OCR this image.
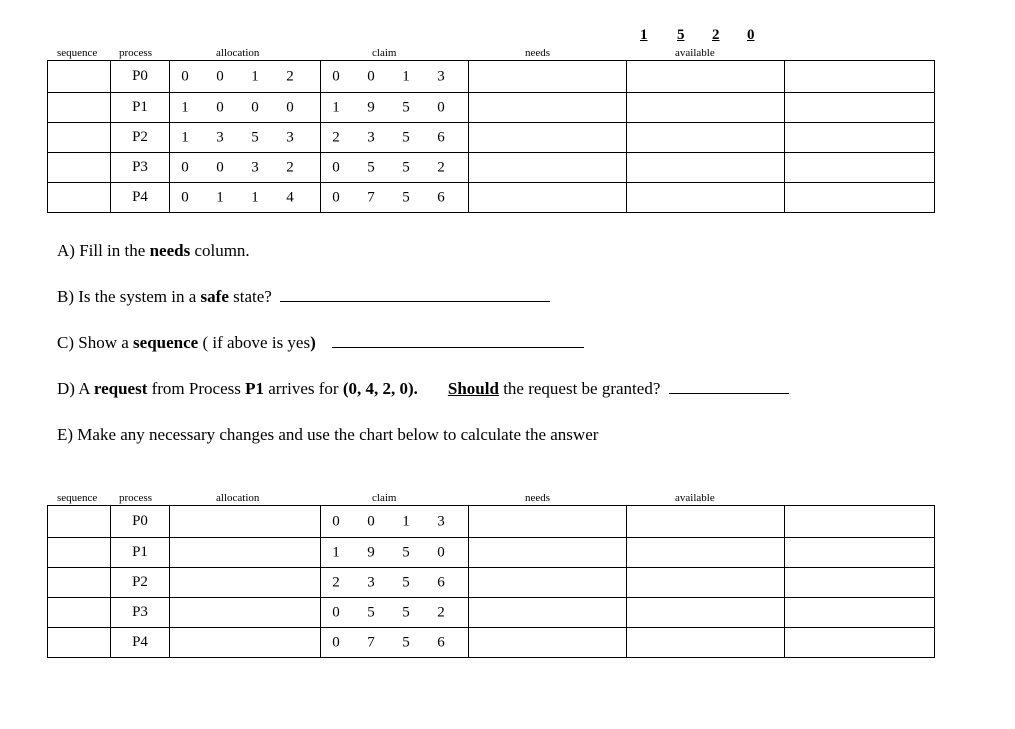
1 5 2 0
sequence process	allocation	claim	needs	available
	P0	0 0 1 2	0 0 1 3			

	P1	1 0 0 0	1 9 5 0			

	P2	1 3 5 3	2 3 5 6			

	P3	0 0 3 2	0 5 5 2			

	P4	0 1 1 4	0 7 5 6			

A) Fill in the needs column.
B) Is the system in a safe state?
C) Show a sequence ( if above is yes)
D) A request from Process P1 arrives for (0, 4, 2, 0). Should the request be granted?
E) Make any necessary changes and use the chart below to calculate the answer
sequence process	allocation	claim	needs	available
	P0		0 0 1 3			

	P1		1 9 5 0			

	P2		2 3 5 6			

	P3		0 5 5 2			

	P4		0 7 5 6			
